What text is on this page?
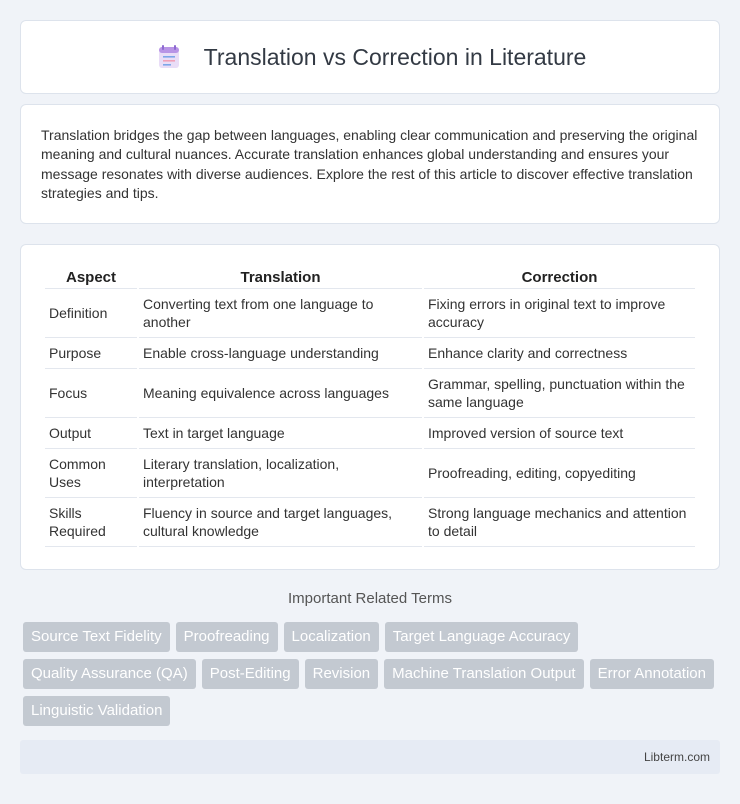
Translation vs Correction in Literature

Translation bridges the gap between languages, enabling clear communication and preserving the original meaning and cultural nuances. Accurate translation enhances global understanding and ensures your message resonates with diverse audiences. Explore the rest of this article to discover effective translation strategies and tips.

Aspect	Translation	Correction
Definition	Converting text from one language to another	Fixing errors in original text to improve accuracy
Purpose	Enable cross-language understanding	Enhance clarity and correctness
Focus	Meaning equivalence across languages	Grammar, spelling, punctuation within the same language
Output	Text in target language	Improved version of source text
Common Uses	Literary translation, localization, interpretation	Proofreading, editing, copyediting
Skills Required	Fluency in source and target languages, cultural knowledge	Strong language mechanics and attention to detail
Important Related Terms
Source Text Fidelity	Proofreading	Localization	Target Language Accuracy
Quality Assurance (QA)	Post-Editing	Revision	Machine Translation Output	Error Annotation
Linguistic Validation
Libterm.com
